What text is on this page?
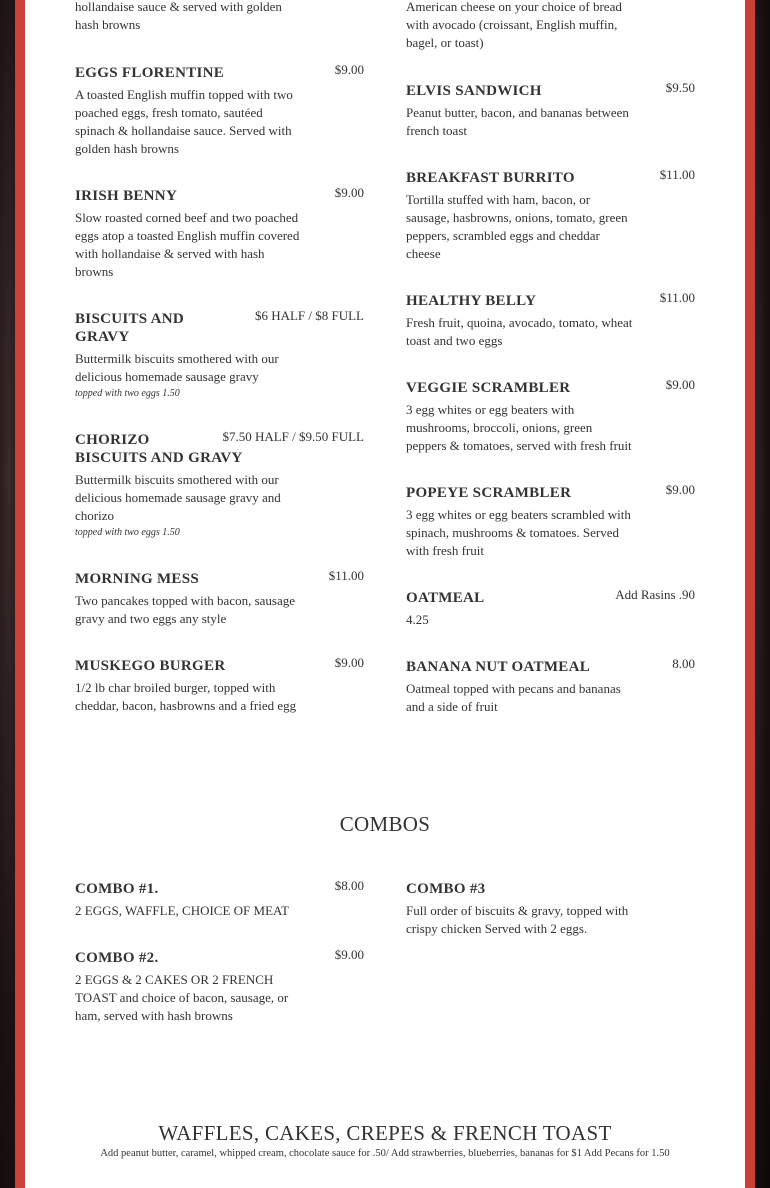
hollandaise sauce & served with golden
hash browns
American cheese on your choice of bread
with avocado (croissant, English muffin,
bagel, or toast)
EGGS FLORENTINE	$9.00
A toasted English muffin topped with two
poached eggs, fresh tomato, sautéed
spinach & hollandaise sauce. Served with
golden hash browns
IRISH BENNY	$9.00
Slow roasted corned beef and two poached
eggs atop a toasted English muffin covered
with hollandaise & served with hash
browns
BISCUITS AND
GRAVY
$6 HALF / $8 FULL
Buttermilk biscuits smothered with our
delicious homemade sausage gravy
topped with two eggs 1.50
CHORIZO
BISCUITS AND GRAVY
$7.50 HALF / $9.50 FULL
Buttermilk biscuits smothered with our
delicious homemade sausage gravy and
chorizo
topped with two eggs 1.50
MORNING MESS	$11.00
Two pancakes topped with bacon, sausage
gravy and two eggs any style
MUSKEGO BURGER	$9.00
1/2 lb char broiled burger, topped with
cheddar, bacon, hasbrowns and a fried egg
ELVIS SANDWICH	$9.50
Peanut butter, bacon, and bananas between
french toast
BREAKFAST BURRITO	$11.00
Tortilla stuffed with ham, bacon, or
sausage, hasbrowns, onions, tomato, green
peppers, scrambled eggs and cheddar
cheese
HEALTHY BELLY	$11.00
Fresh fruit, quoina, avocado, tomato, wheat
toast and two eggs
VEGGIE SCRAMBLER	$9.00
3 egg whites or egg beaters with
mushrooms, broccoli, onions, green
peppers & tomatoes, served with fresh fruit
POPEYE SCRAMBLER	$9.00
3 egg whites or egg beaters scrambled with
spinach, mushrooms & tomatoes. Served
with fresh fruit
OATMEAL	Add Rasins .90
4.25
BANANA NUT OATMEAL	8.00
Oatmeal topped with pecans and bananas
and a side of fruit
COMBOS
COMBO #1.	$8.00
2 EGGS, WAFFLE, CHOICE OF MEAT
COMBO #2.	$9.00
2 EGGS & 2 CAKES OR 2 FRENCH
TOAST and choice of bacon, sausage, or
ham, served with hash browns
COMBO #3
Full order of biscuits & gravy, topped with
crispy chicken Served with 2 eggs.
WAFFLES, CAKES, CREPES & FRENCH TOAST
Add peanut butter, caramel, whipped cream, chocolate sauce for .50/ Add strawberries, blueberries, bananas for $1 Add Pecans for 1.50
